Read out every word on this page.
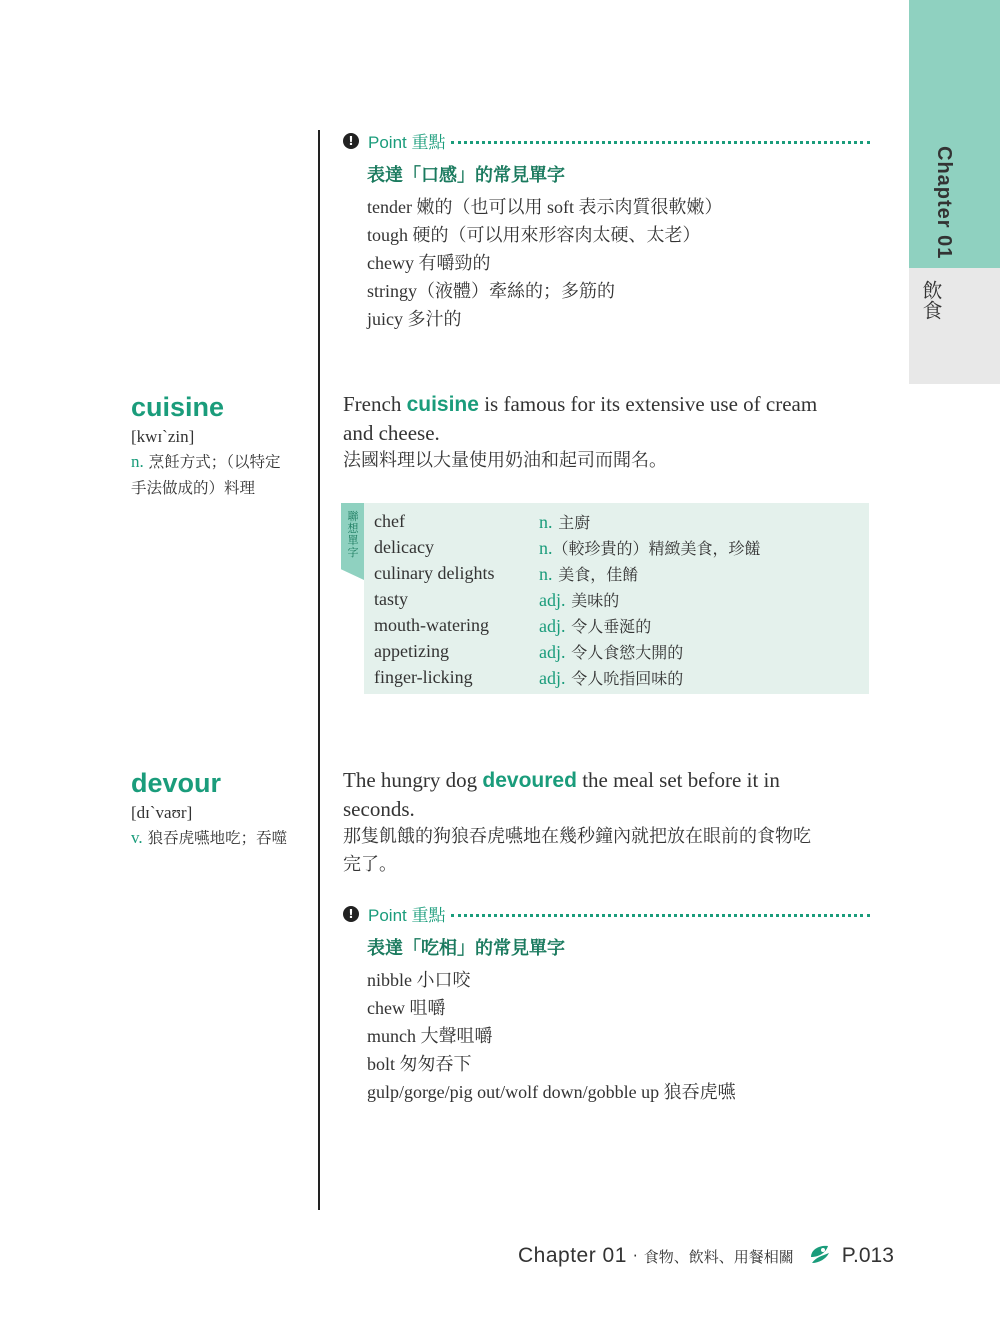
Chapter 01
飲食
! Point 重點
表達「口感」的常見單字
tender 嫩的（也可以用 soft 表示肉質很軟嫩）
tough 硬的（可以用來形容肉太硬、太老）
chewy 有嚼勁的
stringy（液體）牽絲的；多筋的
juicy 多汁的
cuisine
[kwɪˋzin]
n. 烹飪方式；（以特定
手法做成的）料理
French cuisine is famous for its extensive use of cream
and cheese.
法國料理以大量使用奶油和起司而聞名。
聯想單字
chef	n. 主廚
delicacy	n.（較珍貴的）精緻美食，珍饈
culinary delights	n. 美食，佳餚
tasty	adj. 美味的
mouth-watering	adj. 令人垂涎的
appetizing	adj. 令人食慾大開的
finger-licking	adj. 令人吮指回味的
devour
[dɪˋvaʊr]
v. 狼吞虎嚥地吃；吞噬
The hungry dog devoured the meal set before it in
seconds.
那隻飢餓的狗狼吞虎嚥地在幾秒鐘內就把放在眼前的食物吃
完了。
! Point 重點
表達「吃相」的常見單字
nibble 小口咬
chew 咀嚼
munch 大聲咀嚼
bolt 匆匆吞下
gulp/gorge/pig out/wolf down/gobble up 狼吞虎嚥
Chapter 01 · 食物、飲料、用餐相關 P.013
